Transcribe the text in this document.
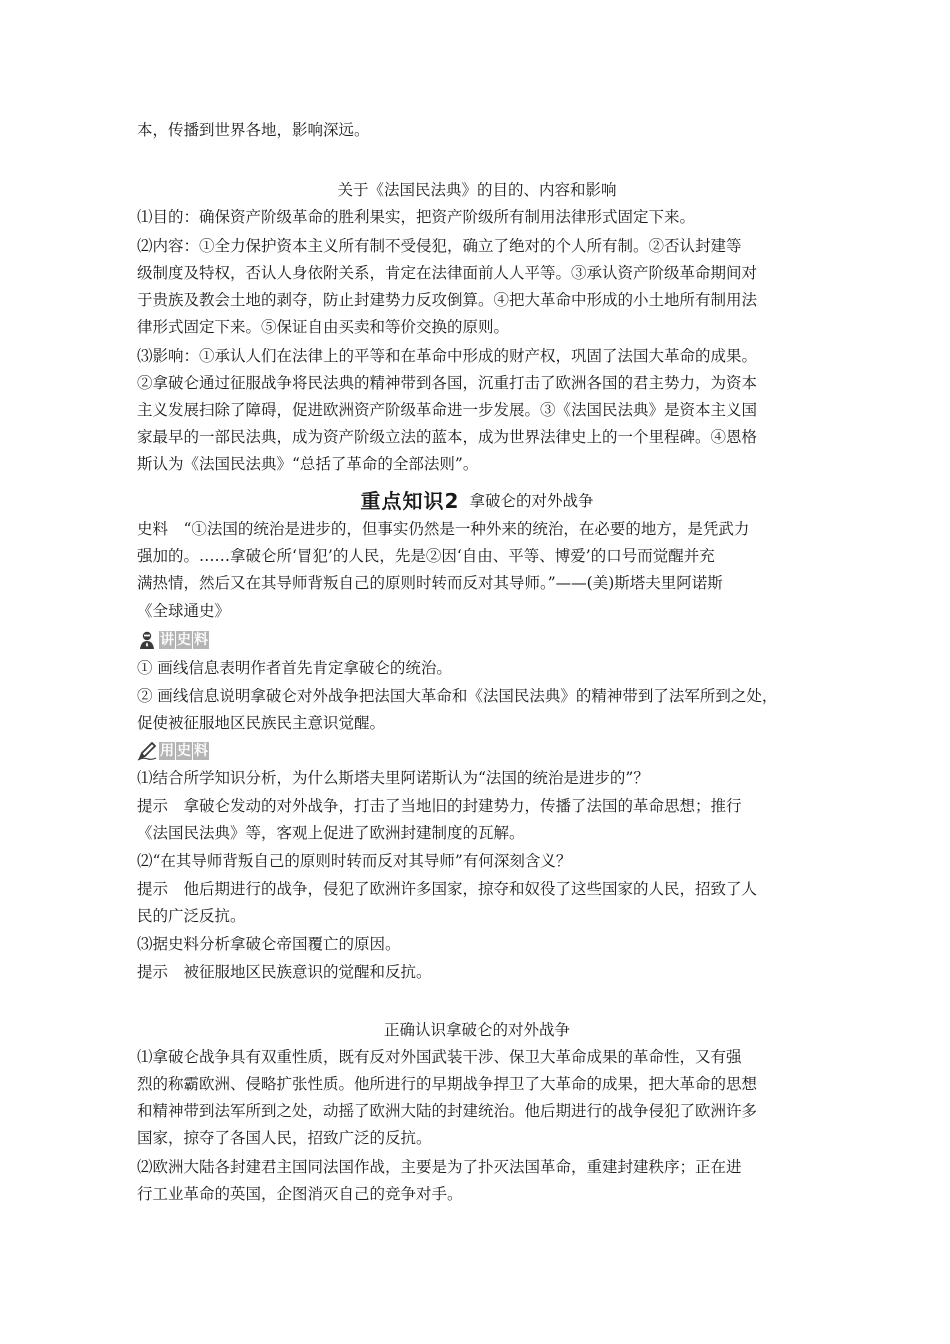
本，传播到世界各地，影响深远。
关于《法国民法典》的目的、内容和影响
⑴目的：确保资产阶级革命的胜利果实，把资产阶级所有制用法律形式固定下来。
⑵内容：①全力保护资本主义所有制不受侵犯，确立了绝对的个人所有制。②否认封建等
级制度及特权，否认人身依附关系，肯定在法律面前人人平等。③承认资产阶级革命期间对
于贵族及教会土地的剥夺，防止封建势力反攻倒算。④把大革命中形成的小土地所有制用法
律形式固定下来。⑤保证自由买卖和等价交换的原则。
⑶影响：①承认人们在法律上的平等和在革命中形成的财产权，巩固了法国大革命的成果。
②拿破仑通过征服战争将民法典的精神带到各国，沉重打击了欧洲各国的君主势力，为资本
主义发展扫除了障碍，促进欧洲资产阶级革命进一步发展。③《法国民法典》是资本主义国
家最早的一部民法典，成为资产阶级立法的蓝本，成为世界法律史上的一个里程碑。④恩格
斯认为《法国民法典》“总括了革命的全部法则”。
重点知识2 拿破仑的对外战争
史料　“①法国的统治是进步的，但事实仍然是一种外来的统治，在必要的地方，是凭武力
强加的。……拿破仑所‘冒犯’的人民，先是②因‘自由、平等、博爱’的口号而觉醒并充
满热情，然后又在其导师背叛自己的原则时转而反对其导师。”——(美)斯塔夫里阿诺斯
《全球通史》
讲 史 料
① 画线信息表明作者首先肯定拿破仑的统治。
② 画线信息说明拿破仑对外战争把法国大革命和《法国民法典》的精神带到了法军所到之处，
促使被征服地区民族民主意识觉醒。
用 史 料
⑴结合所学知识分析，为什么斯塔夫里阿诺斯认为“法国的统治是进步的”？
提示　拿破仑发动的对外战争，打击了当地旧的封建势力，传播了法国的革命思想；推行
《法国民法典》等，客观上促进了欧洲封建制度的瓦解。
⑵“在其导师背叛自己的原则时转而反对其导师”有何深刻含义？
提示　他后期进行的战争，侵犯了欧洲许多国家，掠夺和奴役了这些国家的人民，招致了人
民的广泛反抗。
⑶据史料分析拿破仑帝国覆亡的原因。
提示　被征服地区民族意识的觉醒和反抗。
正确认识拿破仑的对外战争
⑴拿破仑战争具有双重性质，既有反对外国武装干涉、保卫大革命成果的革命性，又有强
烈的称霸欧洲、侵略扩张性质。他所进行的早期战争捍卫了大革命的成果，把大革命的思想
和精神带到法军所到之处，动摇了欧洲大陆的封建统治。他后期进行的战争侵犯了欧洲许多
国家，掠夺了各国人民，招致广泛的反抗。
⑵欧洲大陆各封建君主国同法国作战，主要是为了扑灭法国革命，重建封建秩序；正在进
行工业革命的英国，企图消灭自己的竞争对手。
